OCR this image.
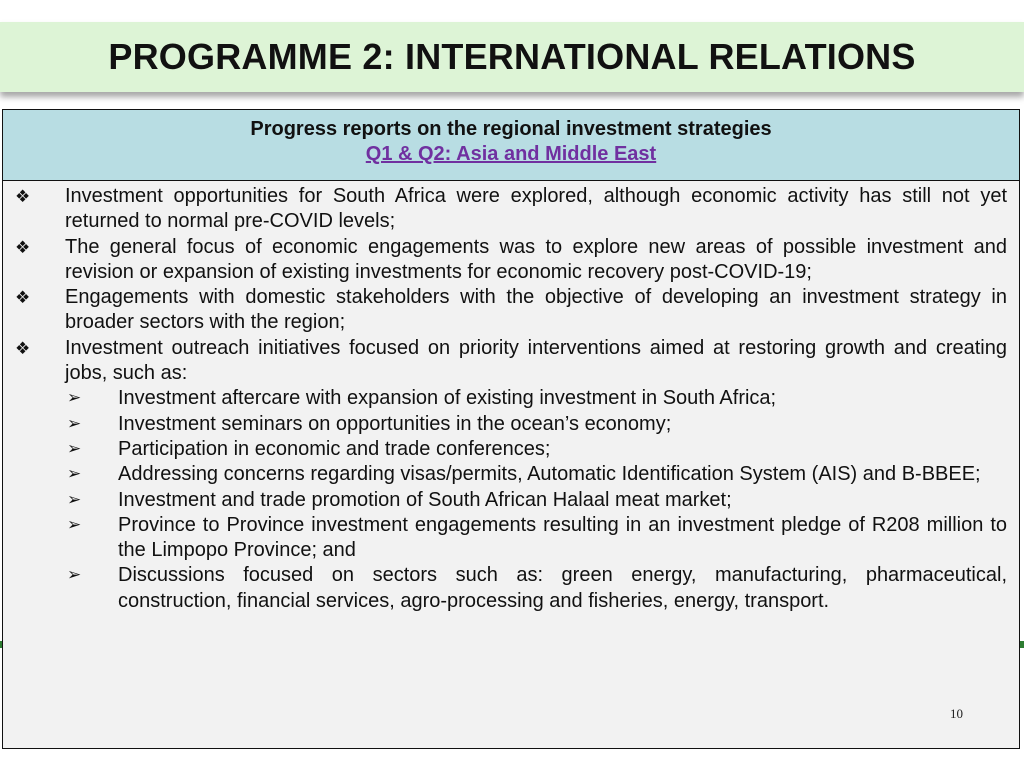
PROGRAMME 2: INTERNATIONAL RELATIONS
Progress reports on the regional investment strategies
Q1 & Q2: Asia and Middle East
❖	Investment opportunities for South Africa were explored, although economic activity has still not yet returned to normal pre-COVID levels;
❖	The general focus of economic engagements was to explore new areas of possible investment and revision or expansion of existing investments for economic recovery post-COVID-19;
❖	Engagements with domestic stakeholders with the objective of developing an investment strategy in broader sectors with the region;
❖	Investment outreach initiatives focused on priority interventions aimed at restoring growth and creating jobs, such as:
➢	Investment aftercare with expansion of existing investment in South Africa;
➢	Investment seminars on opportunities in the ocean’s economy;
➢	Participation in economic and trade conferences;
➢	Addressing concerns regarding visas/permits, Automatic Identification System (AIS) and B-BBEE;
➢	Investment and trade promotion of South African Halaal meat market;
➢	Province to Province investment engagements resulting in an investment pledge of R208 million to the Limpopo Province; and
➢	Discussions focused on sectors such as: green energy, manufacturing, pharmaceutical, construction, financial services, agro-processing and fisheries, energy, transport.
10
